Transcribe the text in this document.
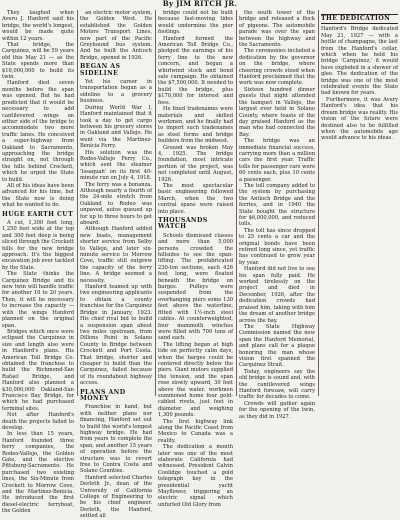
By JIM RITCH JR.

They laughed when Averu J. Hanford said his bridge, the world's longest, would be made quite within 12 years.

That bridge, the Carquinez, will be 59 years old this May 21 — as the State spends more than $10,000,000 to build its twin.

Hanford died seven months before the span was opened. But he had predicted that it would be necessary to add cantilevered wings on either side of the bridge to accommodate two more traffic lanes. He conceived a super-highway from Oakland to Sacramento, approaching the bridge straight on, not through the hills behind Crockett, which he urged the State to build.

All of his ideas have been advanced for his time, but the State now is doing what he wanted to do.

HUGE EARTH CUT

A cut, 1,300 feet long, 1,250 feet wide at the top and 300 feet deep is being sliced through the Crockett hills for the new bridge approach. It's the biggest excavation job ever tackled by the State.

The State thinks the Carquinez Bridge and its new twin will handle traffic for another 10 to 20 years. Then, it will be necessary to increase the capacity — with the wings Hanford planned on the original span.

Bridges which once were eclipsed the Carquinez in size and length also were in Hanford's plans. His American Toll Bridge Co. obtained the franchise to build the Richmond-San Rafael Bridge, and Hanford also planned a $30,000,000 Oakland-San Francisco Bay Bridge, for which he had purchased terminal sites.

Not after Hanford's death the projects failed to develop.

In less than 15 years, Hanford founded three ferry companies, the Rodeo-Vallejo, the Golden Gate, and the elective Pittsburg-Sacramento. He purchased two existing lines, the Six-Minute from Crockett to Morrow Cove, and the Martinez-Benicia. He introduced the first diesel-electric ferryboat, the Golden

an electric motor system, the Golden West. He established the Golden Motors Transport Lines, now part of the Pacific Greyhound bus system. And he built the Antioch Bridge, opened in 1926.

BEGAN AS SIDELINE

Yet his career in transportation began as a sideline to a grocery business.

During World War I, Hanford maintained that it took a day to get cargo between his grocery stores in Oakland and Vallejo. He went via the Martinez-Benicia Ferry.

His solution was the Rodeo-Vallejo Ferry Co., which sent the steamer 'Issaquah' on its first 40-minute run on July 4, 1918.

The ferry was a bonanza. Although nearly a fourth of the 24-mile stretch from Oakland to Rodeo was unpaved, autos queued up for up to three hours to get aboard.

Although Hanford added new boats, management shorter service from Selby to Vallejo, and later six-minute service to Morrow Cove, traffic still outgrew the capacity of the ferry line. A bridge seemed a necessity.

Hanford teamed up with two engineering applicants to obtain a county franchise for the Carquinez Bridge in January, 1923. His chief rival bid to build a suspension span about two miles upstream, from Dillons Point in Solano County to Bridge between Crockett and Port Costa. That bridge, shorter and cheaper to build than the Carquinez, failed because of its roundabout highway access.

PLANS AND MONEY

Franchise in hand, but with neither plans nor financing, Hanford set out to build the world's longest highway bridge. He had from years to complete the span, and another 15 years of operation before the structure was to revert free to Contra Costa and Solano Counties.

Hanford selected Charles Derleth Jr., dean of the University of California College of Engineering to be his chief engineer. Derleth, the Hanford, settled all

bridge could not be built because fast-moving tides would undermine the pier footings.

Hanford formed the American Toll Bridge Co., pledged the earnings of his ferry line to the new concern, and began a whirlwind stock and bond sale campaign. He obtained the $7,500,000. It needed to build the bridge, plus $170,000 for interest and fees.

He fixed tradenames were materials and skilled workmen, and he finally had to import such tradenames as steel forms and bridge builders from the midwest.

Ground was broken May 4, 1925. The bridge foundation, most intricate portion of the project, was not completed until August, 1926.

The most spectacular basic engineering followed March, when the two central spans were raised into place.

THOUSANDS WATCH

Schools dismissed classes and more than 5,000 persons crowded the hillsides to see the span-lifting. The prefabricated 230-ton sections, each 426 feet long, were floated beneath the bridge on barges. Pulleys were suspended from the overhanging piers some 130 feet above the waterline, fitted with 1½-inch steel cables. At counterweighted, four mammoth winches were filled with 700 tons of sand each.

The lifting began at high tide on perfectly calm days, when the barges could be centered directly below the piers. Giant motors supplied the tension, and the span rose slowly upward, 30 feet above the water. workmen summoned home four gold-cabled rivets, just feet in diameter and weighing 1,300 pounds.

The first highway link along the Pacific Coast from Mexico to Canada was a reality.

The dedication a month later was one of the most elaborate California had witnessed. President Calvin Coolidge touched a gold telegraph key in the presidential yacht Mayflower, triggering an electric signal which unfurled Old Glory from

the south tower of the bridge and released a flock of pigeons. The automobile parade was over the span between the highway and the Sacramento.

The ceremonies included a dedication by the governor on the bridge, where cheering crowds stood when Hanford proclaimed that the work was now complete.

Sixteen hundred dinner guests that night attended the banquet in Vallejo, the largest ever held in Solano County, where toasts of the day praised Hanford as the man who had connected the Bay.

The bridge was an immediate financial success, carrying more than a million cars the first year. Traffic tolls for passenger cars were 60 cents each, plus 10 cents a passenger.

The toll company added to the system by purchasing the Antioch Bridge and the ferries, and in 1940 the State bought the structure for $6,000,000, and reduced tolls.

The toll has since dropped to 25 cents a car and the original bonds have been retired long since, yet traffic has continued to grow year by year.

Hanford did not live to see his span fully paid. He worked tirelessly on the project and died in December, 1926, after the dedication crowds had praised him, taking with him the dream of another bridge across the bay.

The State Highway Commission named the new span the Hanford Memorial, and plans call for a plaque honoring the man whose vision first spanned the Carquinez Strait.

Today, engineers say the old bridge is sound and, with the cantilevered wings Hanford foresaw, will carry traffic for decades to come.

Crowds will gather again for the opening of the twin, as they did in 1927.

THE DEDICATION

Hanford's Bridge dedicated May 21, 1927 — with a bottle of champagne, the last from the Hanford's cellar, which when he held his bridge 'Carquinez,' it would have exploded in a shower of glee. The dedication of the bridge was one of the most celebrated events the State had known for years.

Furthermore, it was Avery Hanford's idea that his dream bridge was reality. His vision of the future were destined also to be fulfilled when the automobile age would advance to his ideas.
